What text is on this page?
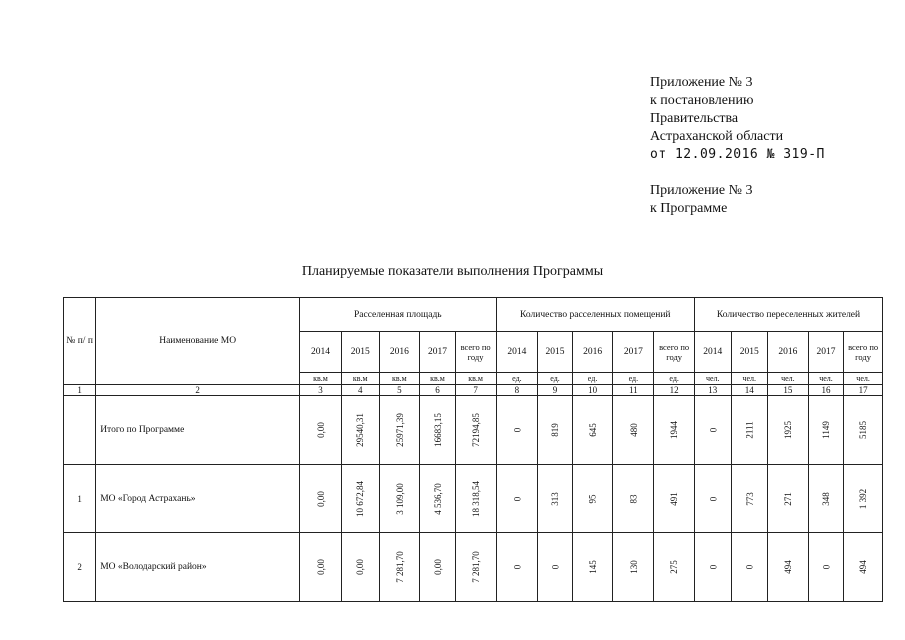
Приложение № 3
к постановлению
Правительства
Астраханской области
от 12.09.2016 № 319-П
Приложение № 3
к Программе
Планируемые показатели выполнения Программы
№ п/ п	Наименование МО	Расселенная площадь					Количество расселенных помещений					Количество переселенных жителей				
		2014	2015	2016	2017	всего по году	2014	2015	2016	2017	всего по году	2014	2015	2016	2017	всего по году
		кв.м	кв.м	кв.м	кв.м	кв.м	ед.	ед.	ед.	ед.	ед.	чел.	чел.	чел.	чел.	чел.
1	2	3	4	5	6	7	8	9	10	11	12	13	14	15	16	17
	Итого по Программе	0,00	29540,31	25971,39	16683,15	72194,85	0	819	645	480	1944	0	2111	1925	1149	5185
1	МО «Город Астрахань»	0,00	10 672,84	3 109,00	4 536,70	18 318,54	0	313	95	83	491	0	773	271	348	1 392
2	МО «Володарский район»	0,00	0,00	7 281,70	0,00	7 281,70	0	0	145	130	275	0	0	494	0	494
